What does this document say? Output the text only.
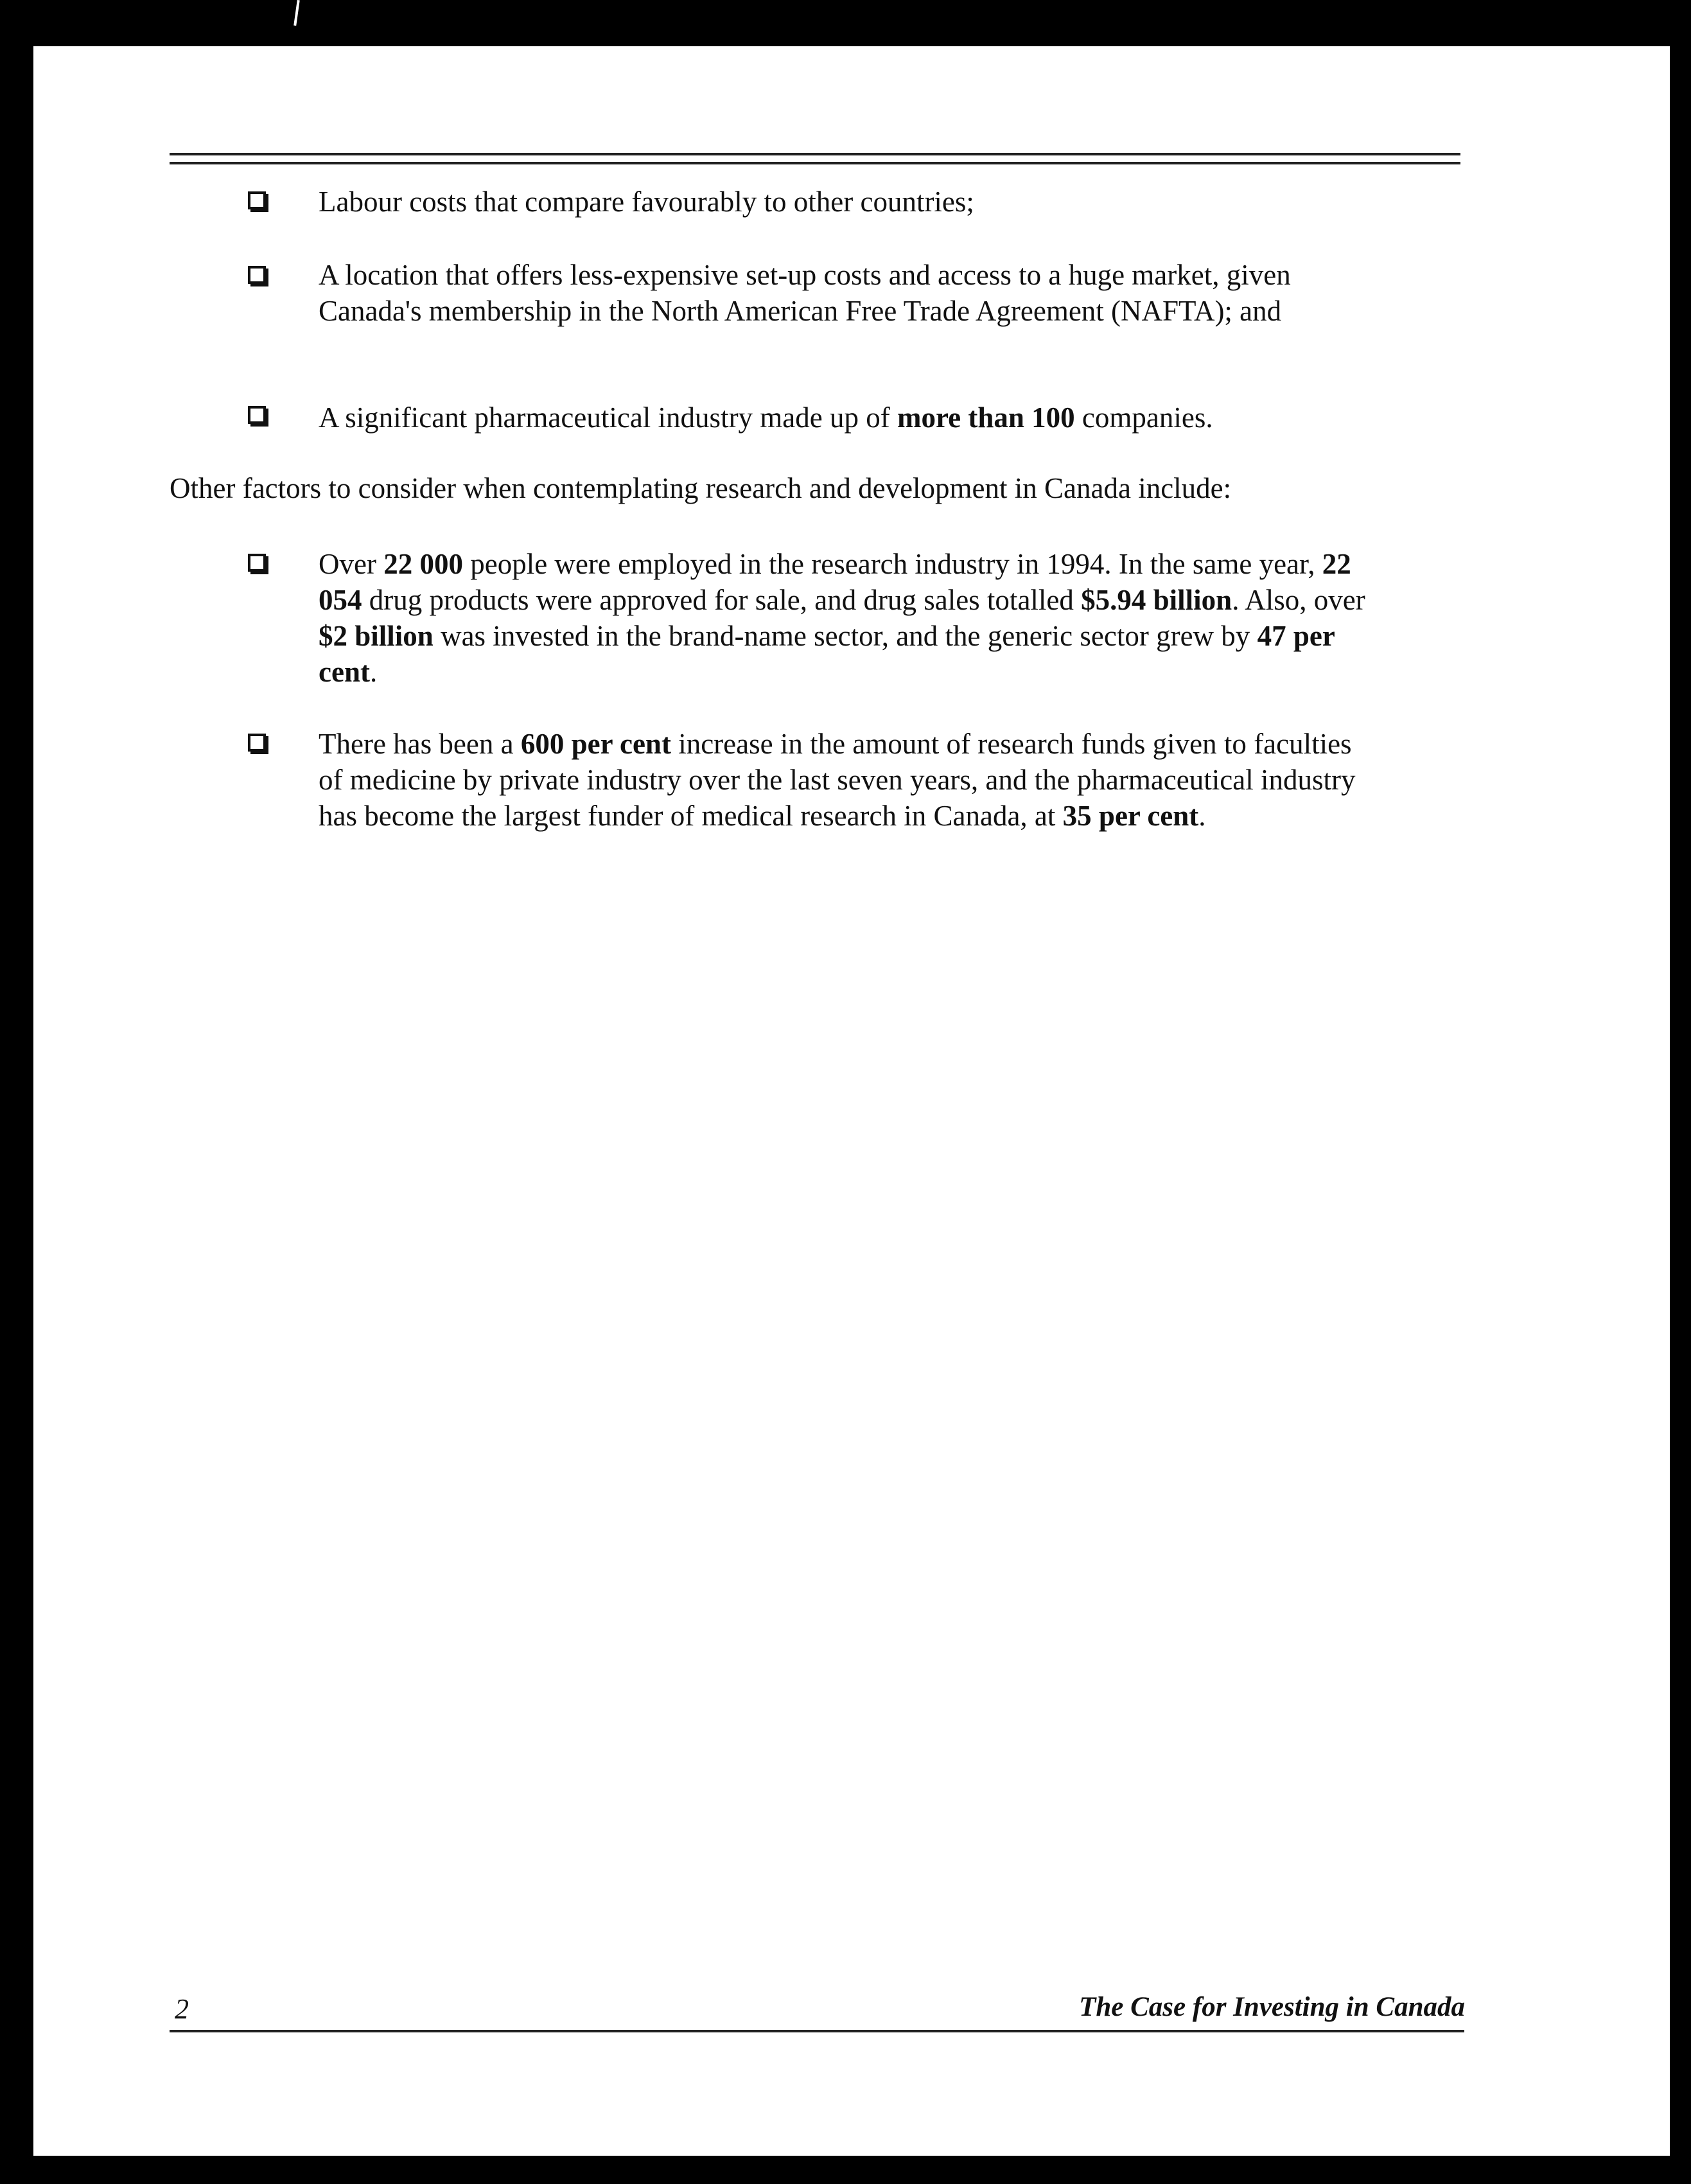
Labour costs that compare favourably to other countries;
A location that offers less-expensive set-up costs and access to a huge market, given Canada's membership in the North American Free Trade Agreement (NAFTA); and
A significant pharmaceutical industry made up of more than 100 companies.
Other factors to consider when contemplating research and development in Canada include:
Over 22 000 people were employed in the research industry in 1994. In the same year, 22 054 drug products were approved for sale, and drug sales totalled $5.94 billion. Also, over $2 billion was invested in the brand-name sector, and the generic sector grew by 47 per cent.
There has been a 600 per cent increase in the amount of research funds given to faculties of medicine by private industry over the last seven years, and the pharmaceutical industry has become the largest funder of medical research in Canada, at 35 per cent.
2	The Case for Investing in Canada
